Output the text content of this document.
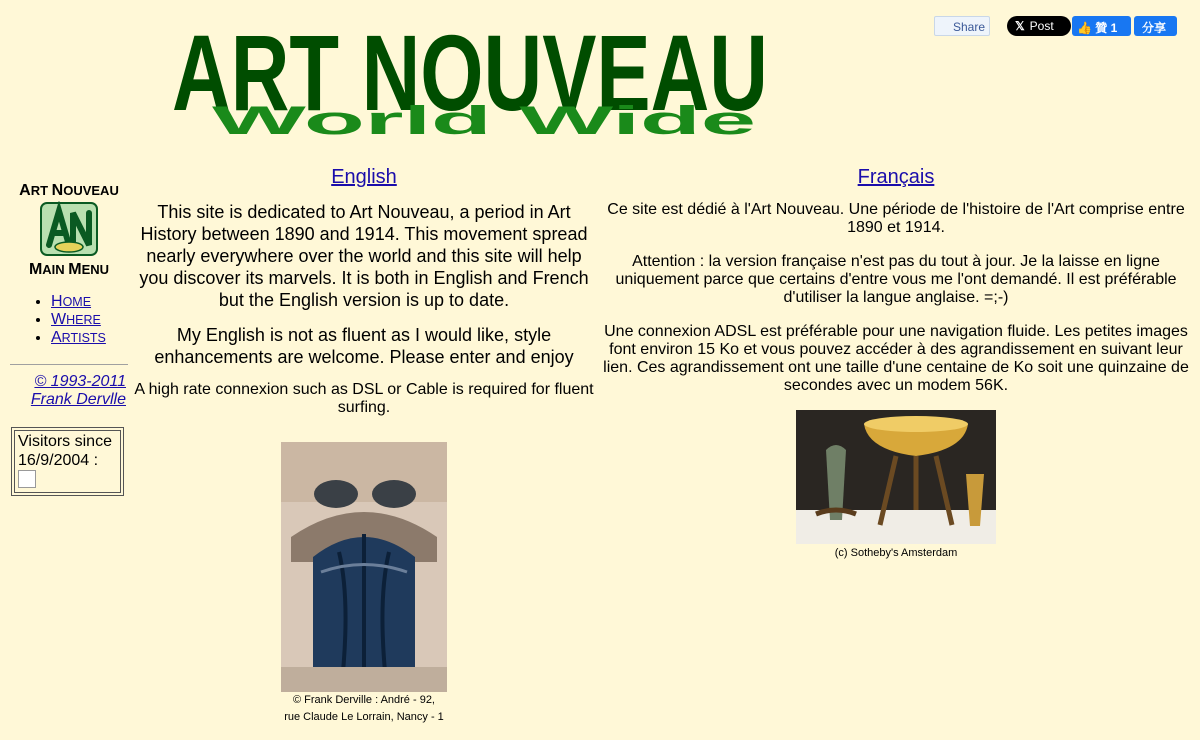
ART NOUVEAU
World Wide
Share	𝕏 Post	👍 贊 1	分享
ART NOUVEAU
MAIN MENU
• HOME
• WHERE
• ARTISTS
© 1993-2011
Frank Dervlle
Visitors since 16/9/2004 :
English

This site is dedicated to Art Nouveau, a period in Art History between 1890 and 1914. This movement spread nearly everywhere over the world and this site will help you discover its marvels. It is both in English and French but the English version is up to date.

My English is not as fluent as I would like, style enhancements are welcome. Please enter and enjoy

A high rate connexion such as DSL or Cable is required for fluent surfing.

© Frank Derville : André - 92,
rue Claude Le Lorrain, Nancy - 1
Français

Ce site est dédié à l'Art Nouveau. Une période de l'histoire de l'Art comprise entre 1890 et 1914.

Attention : la version française n'est pas du tout à jour. Je la laisse en ligne uniquement parce que certains d'entre vous me l'ont demandé. Il est préférable d'utiliser la langue anglaise. =;-)

Une connexion ADSL est préférable pour une navigation fluide. Les petites images font environ 15 Ko et vous pouvez accéder à des agrandissement en suivant leur lien. Ces agrandissement ont une taille d'une centaine de Ko soit une quinzaine de secondes avec un modem 56K.

(c) Sotheby's Amsterdam
